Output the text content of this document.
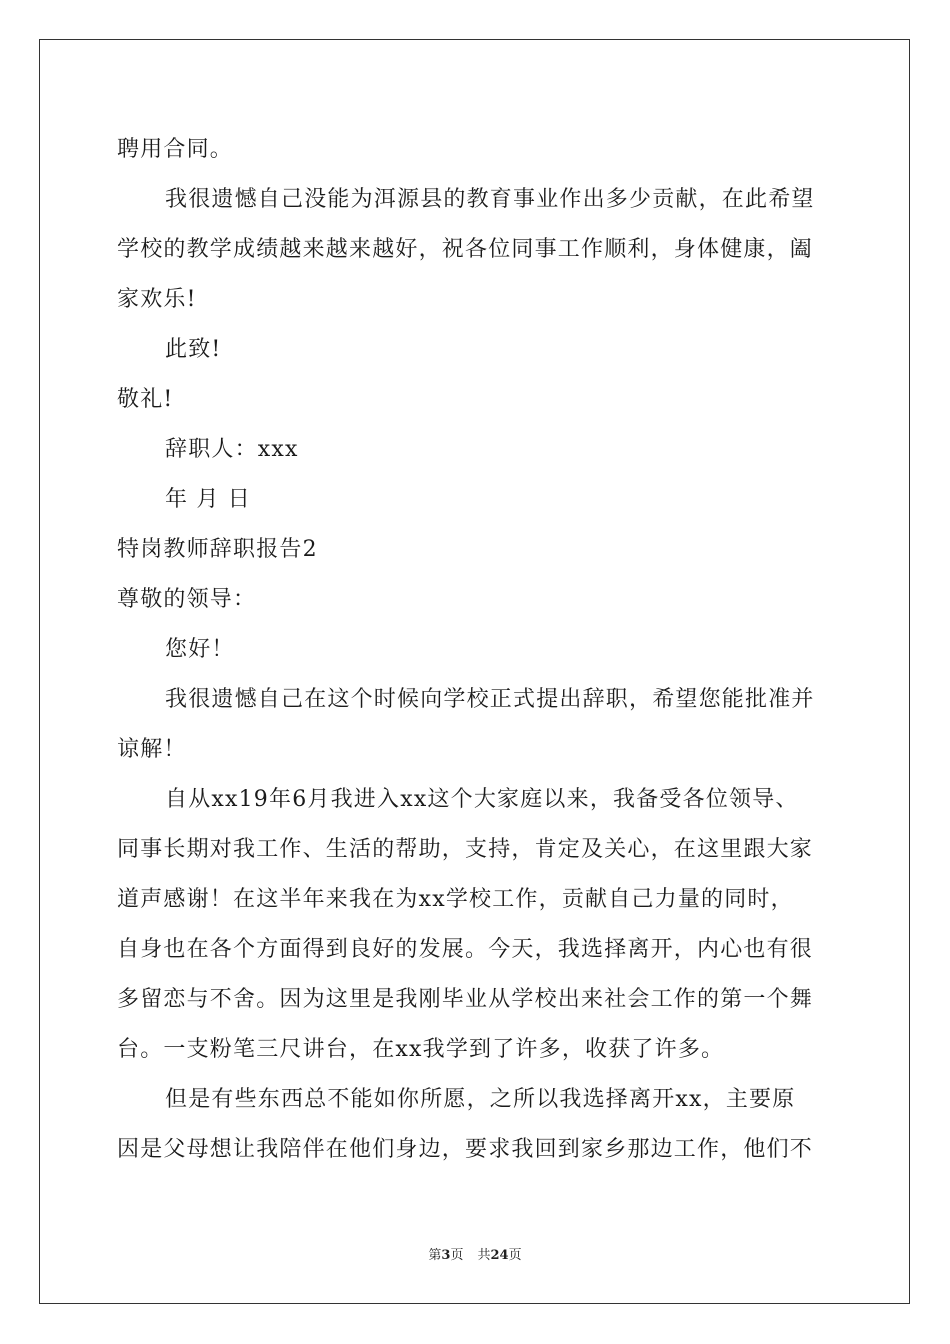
聘用合同。
我很遗憾自己没能为洱源县的教育事业作出多少贡献，在此希望
学校的教学成绩越来越来越好，祝各位同事工作顺利，身体健康，阖
家欢乐!
此致!
敬礼!
辞职人：xxx
年 月 日
特岗教师辞职报告2
尊敬的领导：
您好！
我很遗憾自己在这个时候向学校正式提出辞职，希望您能批准并
谅解！
自从xx19年6月我进入xx这个大家庭以来，我备受各位领导、
同事长期对我工作、生活的帮助，支持，肯定及关心，在这里跟大家
道声感谢！在这半年来我在为xx学校工作，贡献自己力量的同时，
自身也在各个方面得到良好的发展。今天，我选择离开，内心也有很
多留恋与不舍。因为这里是我刚毕业从学校出来社会工作的第一个舞
台。一支粉笔三尺讲台，在xx我学到了许多，收获了许多。
但是有些东西总不能如你所愿，之所以我选择离开xx，主要原
因是父母想让我陪伴在他们身边，要求我回到家乡那边工作，他们不
第3页 共24页
